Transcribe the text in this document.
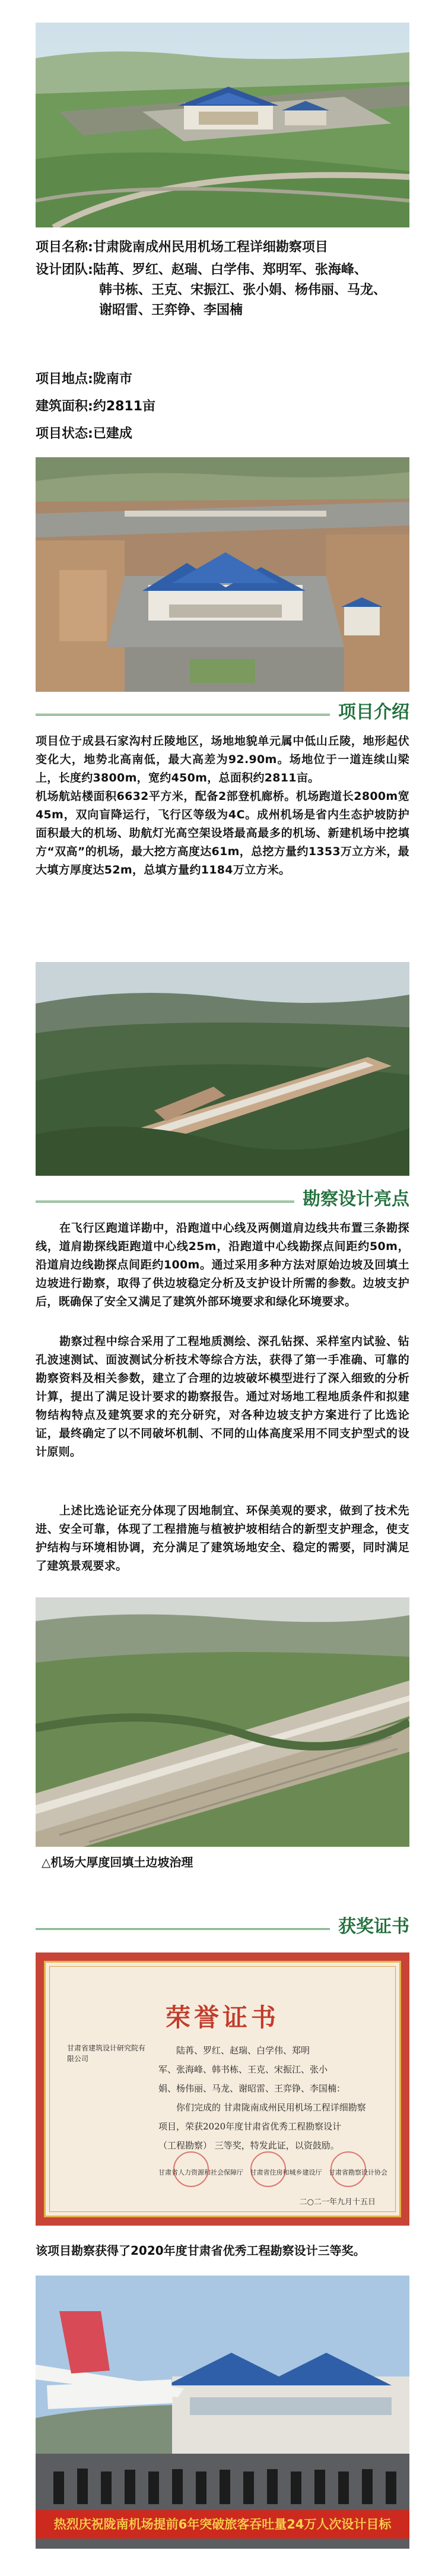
项目名称:甘肃陇南成州民用机场工程详细勘察项目
设计团队:陆苒、罗红、赵瑞、白学伟、郑明军、张海峰、
韩书栋、王克、宋振江、张小娟、杨伟丽、马龙、
谢昭雷、王弈铮、李国楠
项目地点:陇南市
建筑面积:约2811亩
项目状态:已建成
项目介绍
项目位于成县石家沟村丘陵地区，场地地貌单元属中低山丘陵，地形起伏变化大，地势北高南低，最大高差为92.90m。场地位于一道连续山梁上，长度约3800m，宽约450m，总面积约2811亩。
机场航站楼面积6632平方米，配备2部登机廊桥。机场跑道长2800m宽45m，双向盲降运行，飞行区等级为4C。成州机场是省内生态护坡防护面积最大的机场、助航灯光高空架设塔最高最多的机场、新建机场中挖填方“双高”的机场，最大挖方高度达61m，总挖方量约1353万立方米，最大填方厚度达52m，总填方量约1184万立方米。
勘察设计亮点
在飞行区跑道详勘中，沿跑道中心线及两侧道肩边线共布置三条勘探线，道肩勘探线距跑道中心线25m，沿跑道中心线勘探点间距约50m，沿道肩边线勘探点间距约100m。通过采用多种方法对原始边坡及回填土边坡进行勘察，取得了供边坡稳定分析及支护设计所需的参数。边坡支护后，既确保了安全又满足了建筑外部环境要求和绿化环境要求。
勘察过程中综合采用了工程地质测绘、深孔钻探、采样室内试验、钻孔波速测试、面波测试分析技术等综合方法，获得了第一手准确、可靠的勘察资料及相关参数，建立了合理的边坡破坏模型进行了深入细致的分析计算，提出了满足设计要求的勘察报告。通过对场地工程地质条件和拟建物结构特点及建筑要求的充分研究，对各种边坡支护方案进行了比选论证，最终确定了以不同破坏机制、不同的山体高度采用不同支护型式的设计原则。
上述比选论证充分体现了因地制宜、环保美观的要求，做到了技术先进、安全可靠，体现了工程措施与植被护坡相结合的新型支护理念，使支护结构与环境相协调，充分满足了建筑场地安全、稳定的需要，同时满足了建筑景观要求。
△机场大厚度回填土边坡治理
获奖证书
荣誉证书
甘肃省建筑设计研究院有限公司
陆苒、罗红、赵瑞、白学伟、郑明
军、张海峰、韩书栋、王克、宋振江、张小
娟、杨伟丽、马龙、谢昭雷、王弈铮、李国楠：
你们完成的 甘肃陇南成州民用机场工程详细勘察
项目，荣获2020年度甘肃省优秀工程勘察设计
（工程勘察） 三等奖，特发此证，以资鼓励。
甘肃省人力资源和社会保障厅 甘肃省住房和城乡建设厅 甘肃省勘察设计协会
二○二一年九月十五日
该项目勘察获得了2020年度甘肃省优秀工程勘察设计三等奖。
热烈庆祝陇南机场提前6年突破旅客吞吐量24万人次设计目标
